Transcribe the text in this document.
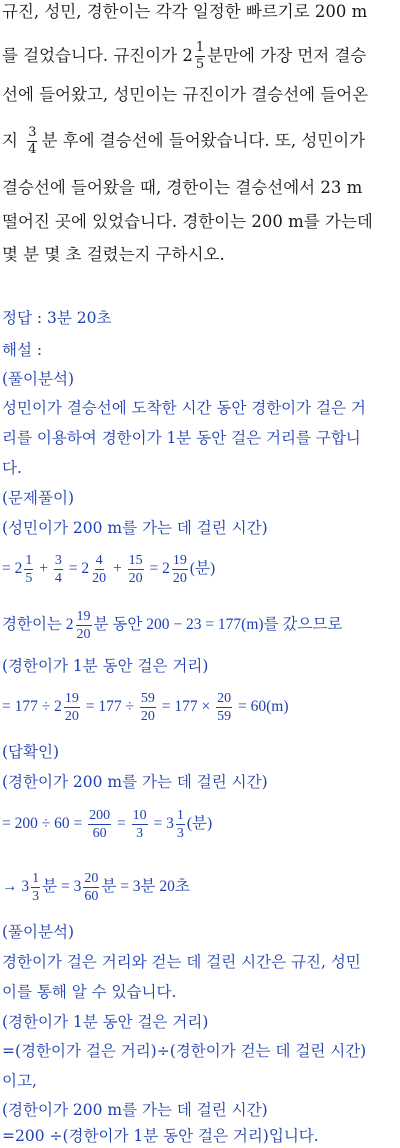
규진, 성민, 경한이는 각각 일정한 빠르기로 200 m
를 걸었습니다. 규진이가 $2 \frac{1}{5}$ 분만에 가장 먼저 결승
선에 들어왔고, 성민이는 규진이가 결승선에 들어온
지 $\frac{3}{4}$ 분 후에 결승선에 들어왔습니다. 또, 성민이가
결승선에 들어왔을 때, 경한이는 결승선에서 23 m
떨어진 곳에 있었습니다. 경한이는 200 m를 가는데
몇 분 몇 초 걸렸는지 구하시오.
정답 : 3분 20초
해설 :
(풀이분석)
성민이가 결승선에 도착한 시간 동안 경한이가 걸은 거
리를 이용하여 경한이가 1분 동안 걸은 거리를 구합니
다.
(문제풀이)
(성민이가 200 m를 가는 데 걸린 시간)
= $2 \frac{1}{5} + \frac{3}{4} = 2 \frac{4}{20} + \frac{15}{20} = 2 \frac{19}{20}$ (분)
경한이는 $2 \frac{19}{20}$ 분 동안 200 − 23 = 177(m)를 갔으므로
(경한이가 1분 동안 걸은 거리)
= $177 \div 2 \frac{19}{20} = 177 \div \frac{59}{20} = 177 \times \frac{20}{59} = 60(m)$
(답확인)
(경한이가 200 m를 가는 데 걸린 시간)
= $200 \div 60 = \frac{200}{60} = \frac{10}{3} = 3 \frac{1}{3}$ (분)
→ $3 \frac{1}{3}$ 분 = $3 \frac{20}{60}$ 분 = 3분 20초
(풀이분석)
경한이가 걸은 거리와 걷는 데 걸린 시간은 규진, 성민
이를 통해 알 수 있습니다.
(경한이가 1분 동안 걸은 거리)
=(경한이가 걸은 거리)÷(경한이가 걷는 데 걸린 시간)
이고,
(경한이가 200 m를 가는 데 걸린 시간)
=200 ÷(경한이가 1분 동안 걸은 거리)입니다.
